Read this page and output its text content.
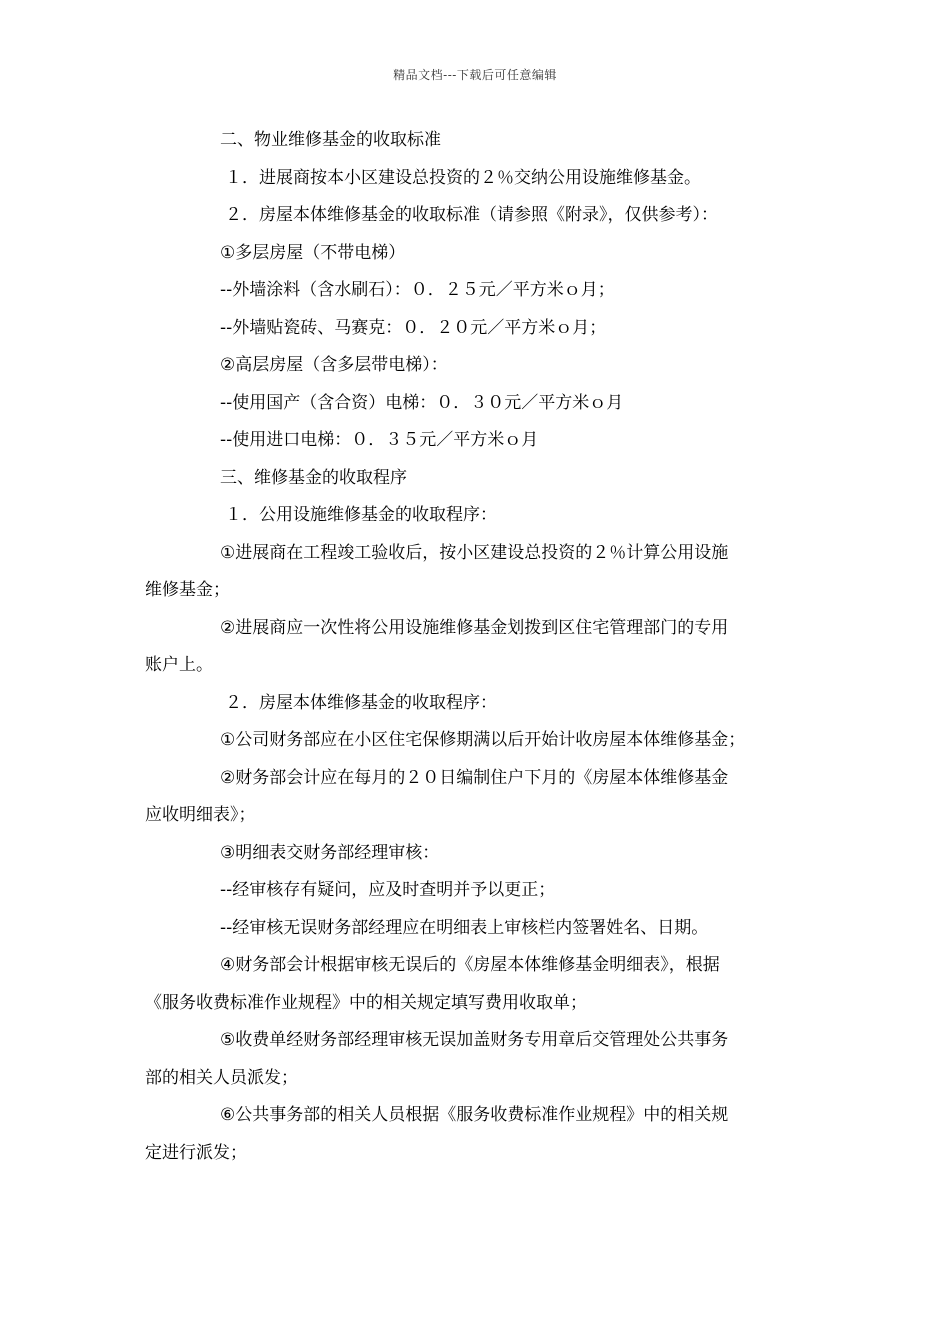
精品文档---下载后可任意编辑
二、物业维修基金的收取标准
１．进展商按本小区建设总投资的２％交纳公用设施维修基金。
２．房屋本体维修基金的收取标准（请参照《附录》，仅供参考）：
①多层房屋（不带电梯）
--外墙涂料（含水刷石）：０．２５元／平方米ｏ月；
--外墙贴瓷砖、马赛克：０．２０元／平方米ｏ月；
②高层房屋（含多层带电梯）：
--使用国产（含合资）电梯：０．３０元／平方米ｏ月
--使用进口电梯：０．３５元／平方米ｏ月
三、维修基金的收取程序
１．公用设施维修基金的收取程序：
①进展商在工程竣工验收后，按小区建设总投资的２％计算公用设施
维修基金；
②进展商应一次性将公用设施维修基金划拨到区住宅管理部门的专用
账户上。
２．房屋本体维修基金的收取程序：
①公司财务部应在小区住宅保修期满以后开始计收房屋本体维修基金；
②财务部会计应在每月的２０日编制住户下月的《房屋本体维修基金
应收明细表》；
③明细表交财务部经理审核：
--经审核存有疑问，应及时查明并予以更正；
--经审核无误财务部经理应在明细表上审核栏内签署姓名、日期。
④财务部会计根据审核无误后的《房屋本体维修基金明细表》，根据
《服务收费标准作业规程》中的相关规定填写费用收取单；
⑤收费单经财务部经理审核无误加盖财务专用章后交管理处公共事务
部的相关人员派发；
⑥公共事务部的相关人员根据《服务收费标准作业规程》中的相关规
定进行派发；
